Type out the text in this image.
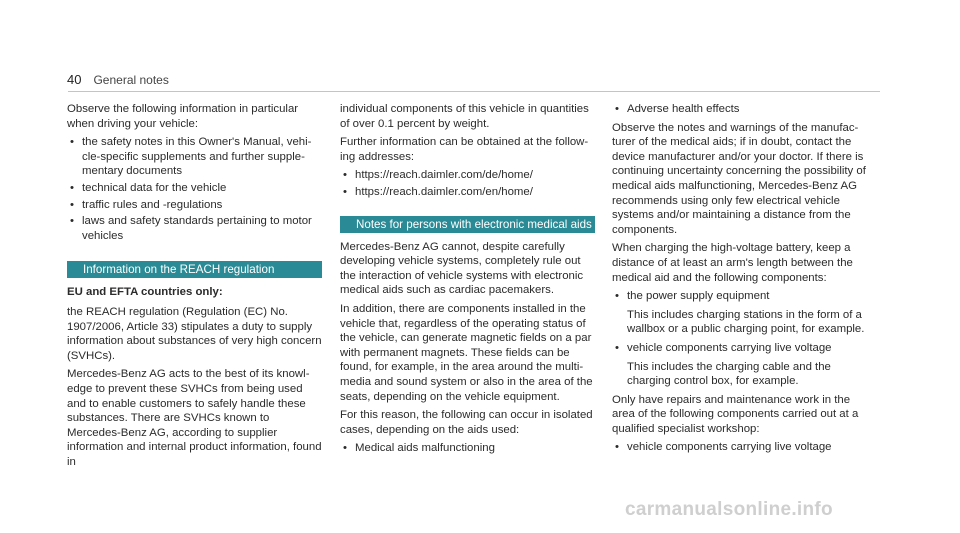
40 General notes

Observe the following information in particular when driving your vehicle:

• the safety notes in this Owner's Manual, vehicle-specific supplements and further supplementary documents
• technical data for the vehicle
• traffic rules and -regulations
• laws and safety standards pertaining to motor vehicles
Information on the REACH regulation
EU and EFTA countries only:

the REACH regulation (Regulation (EC) No. 1907/2006, Article 33) stipulates a duty to supply information about substances of very high concern (SVHCs).

Mercedes-Benz AG acts to the best of its knowledge to prevent these SVHCs from being used and to enable customers to safely handle these substances. There are SVHCs known to Mercedes-Benz AG, according to supplier information and internal product information, found in

individual components of this vehicle in quantities of over 0.1 percent by weight.

Further information can be obtained at the following addresses:

• https://reach.daimler.com/de/home/
• https://reach.daimler.com/en/home/
Notes for persons with electronic medical aids

Mercedes-Benz AG cannot, despite carefully developing vehicle systems, completely rule out the interaction of vehicle systems with electronic medical aids such as cardiac pacemakers.

In addition, there are components installed in the vehicle that, regardless of the operating status of the vehicle, can generate magnetic fields on a par with permanent magnets. These fields can be found, for example, in the area around the multimedia and sound system or also in the area of the seats, depending on the vehicle equipment.

For this reason, the following can occur in isolated cases, depending on the aids used:

• Medical aids malfunctioning
• Adverse health effects

Observe the notes and warnings of the manufacturer of the medical aids; if in doubt, contact the device manufacturer and/or your doctor. If there is continuing uncertainty concerning the possibility of medical aids malfunctioning, Mercedes-Benz AG recommends using only few electrical vehicle systems and/or maintaining a distance from the components.

When charging the high-voltage battery, keep a distance of at least an arm's length between the medical aid and the following components:

• the power supply equipment

This includes charging stations in the form of a wallbox or a public charging point, for example.

• vehicle components carrying live voltage

This includes the charging cable and the charging control box, for example.

Only have repairs and maintenance work in the area of the following components carried out at a qualified specialist workshop:

• vehicle components carrying live voltage
carmanualsonline.info
